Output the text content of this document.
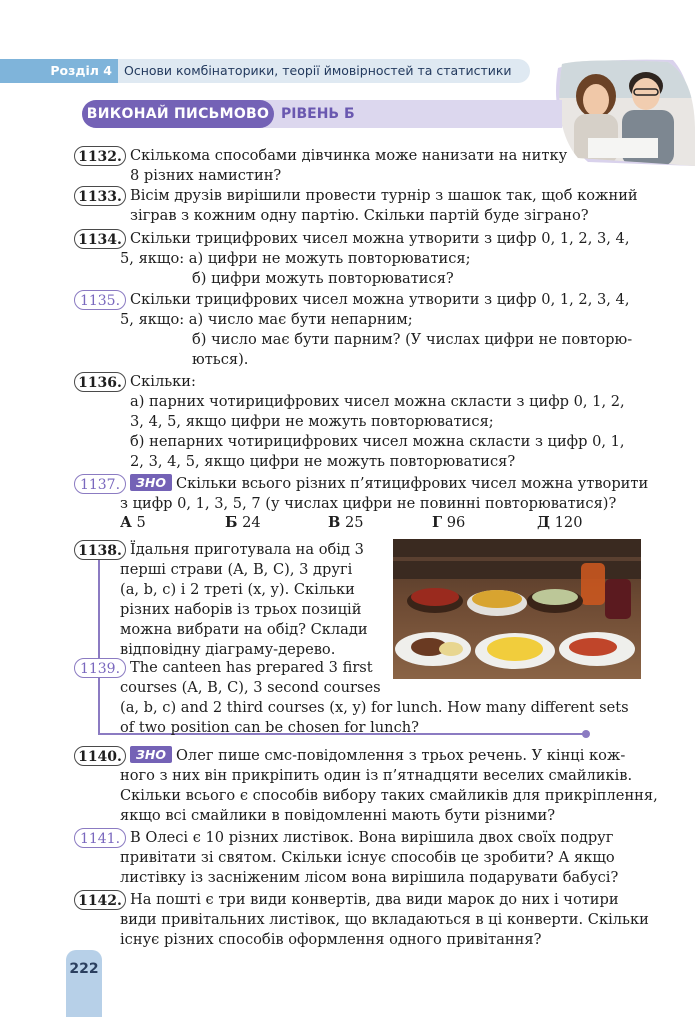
Розділ 4 Основи комбінаторики, теорії ймовірностей та статистики
ВИКОНАЙ ПИСЬМОВО РІВЕНЬ Б
1132. Скількома способами дівчинка може нанизати на нитку
8 різних намистин?
1133. Вісім друзів вирішили провести турнір з шашок так, щоб кожний
зіграв з кожним одну партію. Скільки партій буде зіграно?
1134. Скільки трицифрових чисел можна утворити з цифр 0, 1, 2, 3, 4,
5, якщо: а) цифри не можуть повторюватися;
б) цифри можуть повторюватися?
1135. Скільки трицифрових чисел можна утворити з цифр 0, 1, 2, 3, 4,
5, якщо: а) число має бути непарним;
б) число має бути парним? (У числах цифри не повторю-
ються).
1136. Скільки:
а) парних чотирицифрових чисел можна скласти з цифр 0, 1, 2,
3, 4, 5, якщо цифри не можуть повторюватися;
б) непарних чотирицифрових чисел можна скласти з цифр 0, 1,
2, 3, 4, 5, якщо цифри не можуть повторюватися?
1137.	ЗНО Скільки всього різних п’ятицифрових чисел можна утворити
з цифр 0, 1, 3, 5, 7 (у числах цифри не повинні повторюватися)?
А 5	Б 24	В 25	Г 96	Д 120
1138. Їдальня приготувала на обід 3
перші страви (A, B, C), 3 другі
(a, b, c) і 2 треті (x, y). Скільки
різних наборів із трьох позицій
можна вибрати на обід? Склади
відповідну діаграму-дерево.
1139. The canteen has prepared 3 first
courses (A, B, C), 3 second courses
(a, b, c) and 2 third courses (x, y) for lunch. How many different sets
of two position can be chosen for lunch?
1140.	ЗНО Олег пише смс-повідомлення з трьох речень. У кінці кож-
ного з них він прикріпить один із п’ятнадцяти веселих смайликів.
Скільки всього є способів вибору таких смайликів для прикріплення,
якщо всі смайлики в повідомленні мають бути різними?
1141. В Олесі є 10 різних листівок. Вона вирішила двох своїх подруг
привітати зі святом. Скільки існує способів це зробити? А якщо
листівку із засніженим лісом вона вирішила подарувати бабусі?
1142. На пошті є три види конвертів, два види марок до них і чотири
види привітальних листівок, що вкладаються в ці конверти. Скільки
існує різних способів оформлення одного привітання?
222
